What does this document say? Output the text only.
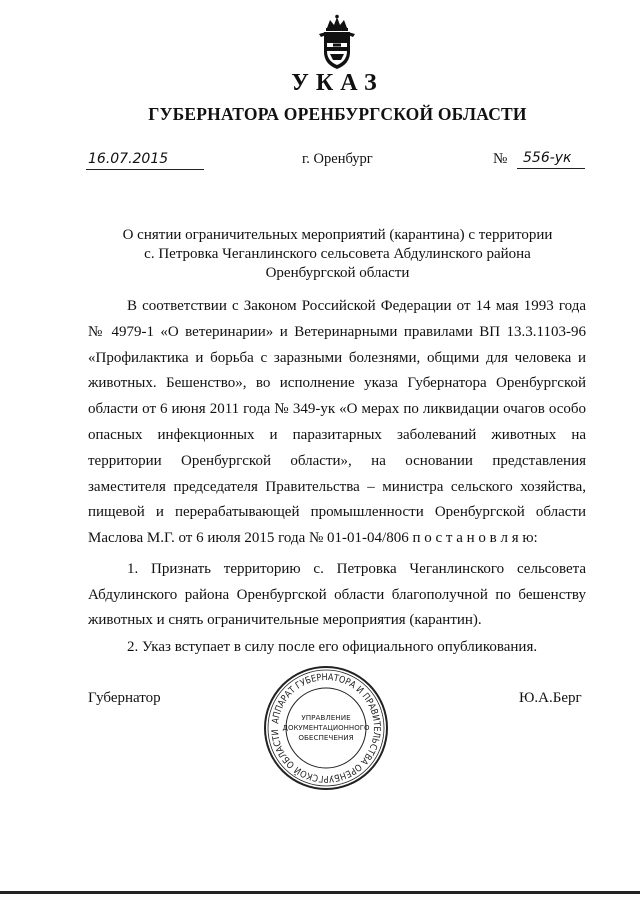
УКАЗ
ГУБЕРНАТОРА ОРЕНБУРГСКОЙ ОБЛАСТИ
16.07.2015	г. Оренбург	№ 556-ук
О снятии ограничительных мероприятий (карантина) с территории
с. Петровка Чеганлинского сельсовета Абдулинского района
Оренбургской области
В соответствии с Законом Российской Федерации от 14 мая 1993 года
№ 4979-1 «О ветеринарии» и Ветеринарными правилами ВП 13.3.1103-96
«Профилактика и борьба с заразными болезнями, общими для человека и
животных. Бешенство», во исполнение указа Губернатора Оренбургской
области от 6 июня 2011 года № 349-ук «О мерах по ликвидации очагов особо
опасных инфекционных и паразитарных заболеваний животных на
территории Оренбургской области», на основании представления
заместителя председателя Правительства – министра сельского хозяйства,
пищевой и перерабатывающей промышленности Оренбургской области
Маслова М.Г. от 6 июля 2015 года № 01-01-04/806 п о с т а н о в л я ю:
1. Признать территорию с. Петровка Чеганлинского сельсовета
Абдулинского района Оренбургской области благополучной по бешенству
животных и снять ограничительные мероприятия (карантин).
2. Указ вступает в силу после его официального опубликования.
Губернатор	Ю.А.Берг
АППАРАТ ГУБЕРНАТОРА И ПРАВИТЕЛЬСТВА ОРЕНБУРГСКОЙ ОБЛАСТИ
УПРАВЛЕНИЕ
ДОКУМЕНТАЦИОННОГО
ОБЕСПЕЧЕНИЯ
